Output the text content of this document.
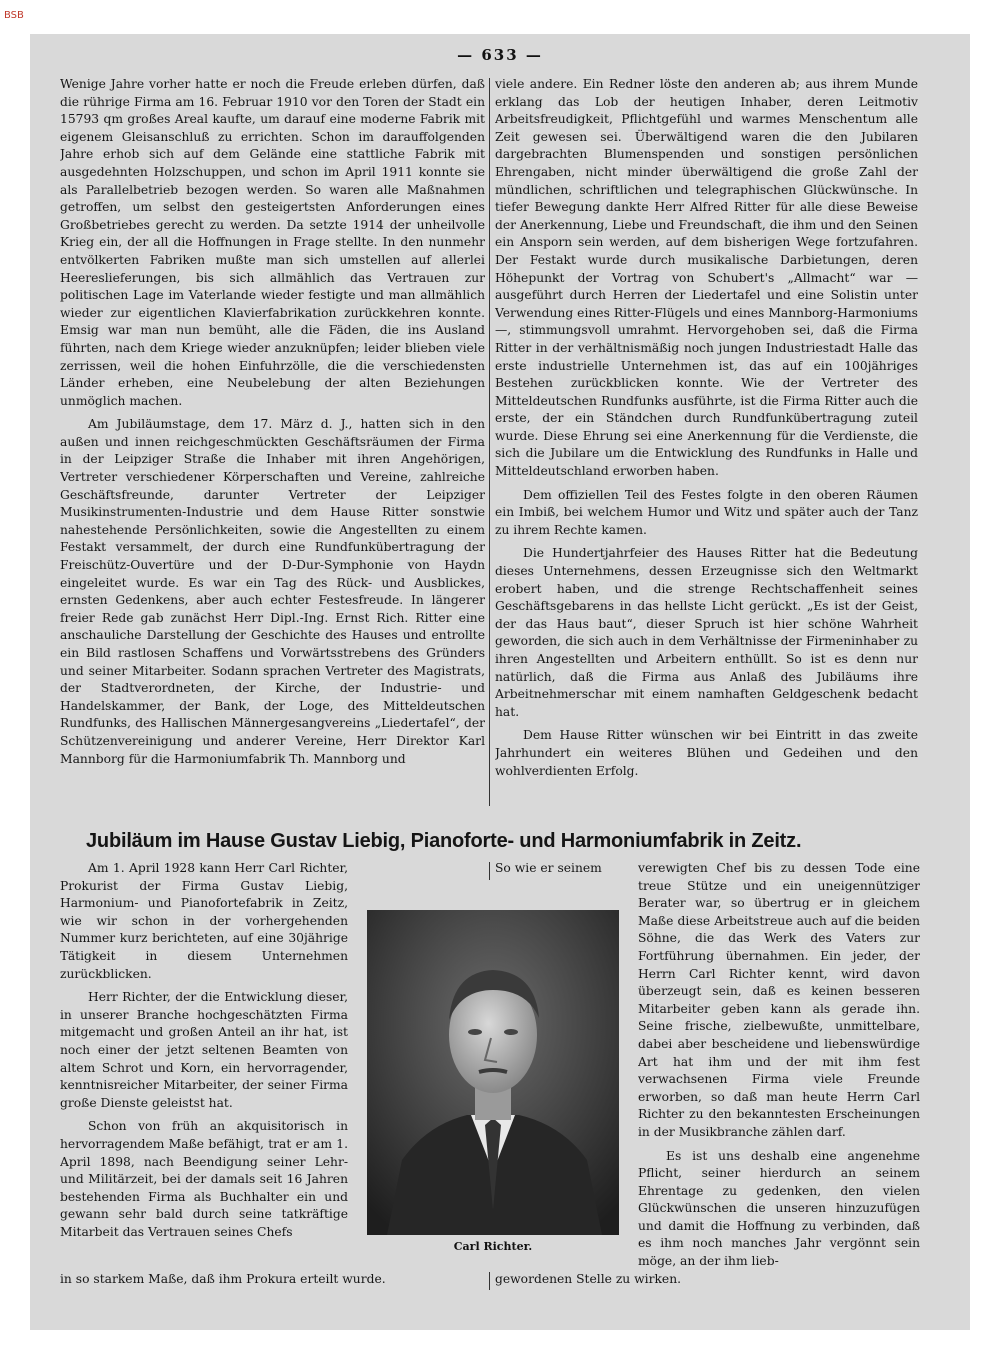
BSB
— 633 —

Wenige Jahre vorher hatte er noch die Freude erleben dürfen, daß die rührige Firma am 16. Februar 1910 vor den Toren der Stadt ein 15793 qm großes Areal kaufte, um darauf eine moderne Fabrik mit eigenem Gleisanschluß zu errichten. Schon im darauffolgenden Jahre erhob sich auf dem Gelände eine stattliche Fabrik mit ausgedehnten Holzschuppen, und schon im April 1911 konnte sie als Parallelbetrieb bezogen werden. So waren alle Maßnahmen getroffen, um selbst den gesteigertsten Anforderungen eines Großbetriebes gerecht zu werden. Da setzte 1914 der unheilvolle Krieg ein, der all die Hoffnungen in Frage stellte. In den nunmehr entvölkerten Fabriken mußte man sich umstellen auf allerlei Heereslieferungen, bis sich allmählich das Vertrauen zur politischen Lage im Vaterlande wieder festigte und man allmählich wieder zur eigentlichen Klavierfabrikation zurückkehren konnte. Emsig war man nun bemüht, alle die Fäden, die ins Ausland führten, nach dem Kriege wieder anzuknüpfen; leider blieben viele zerrissen, weil die hohen Einfuhrzölle, die die verschiedensten Länder erheben, eine Neubelebung der alten Beziehungen unmöglich machen.

Am Jubiläumstage, dem 17. März d. J., hatten sich in den außen und innen reichgeschmückten Geschäftsräumen der Firma in der Leipziger Straße die Inhaber mit ihren Angehörigen, Vertreter verschiedener Körperschaften und Vereine, zahlreiche Geschäftsfreunde, darunter Vertreter der Leipziger Musikinstrumenten-Industrie und dem Hause Ritter sonstwie nahestehende Persönlichkeiten, sowie die Angestellten zu einem Festakt versammelt, der durch eine Rundfunkübertragung der Freischütz-Ouvertüre und der D-Dur-Symphonie von Haydn eingeleitet wurde. Es war ein Tag des Rück- und Ausblickes, ernsten Gedenkens, aber auch echter Festesfreude. In längerer freier Rede gab zunächst Herr Dipl.-Ing. Ernst Rich. Ritter eine anschauliche Darstellung der Geschichte des Hauses und entrollte ein Bild rastlosen Schaffens und Vorwärtsstrebens des Gründers und seiner Mitarbeiter. Sodann sprachen Vertreter des Magistrats, der Stadtverordneten, der Kirche, der Industrie- und Handelskammer, der Bank, der Loge, des Mitteldeutschen Rundfunks, des Hallischen Männergesangvereins „Liedertafel“, der Schützenvereinigung und anderer Vereine, Herr Direktor Karl Mannborg für die Harmoniumfabrik Th. Mannborg und

viele andere. Ein Redner löste den anderen ab; aus ihrem Munde erklang das Lob der heutigen Inhaber, deren Leitmotiv Arbeitsfreudigkeit, Pflichtgefühl und warmes Menschentum alle Zeit gewesen sei. Überwältigend waren die den Jubilaren dargebrachten Blumenspenden und sonstigen persönlichen Ehrengaben, nicht minder überwältigend die große Zahl der mündlichen, schriftlichen und telegraphischen Glückwünsche. In tiefer Bewegung dankte Herr Alfred Ritter für alle diese Beweise der Anerkennung, Liebe und Freundschaft, die ihm und den Seinen ein Ansporn sein werden, auf dem bisherigen Wege fortzufahren. Der Festakt wurde durch musikalische Darbietungen, deren Höhepunkt der Vortrag von Schubert's „Allmacht“ war — ausgeführt durch Herren der Liedertafel und eine Solistin unter Verwendung eines Ritter-Flügels und eines Mannborg-Harmoniums —, stimmungsvoll umrahmt. Hervorgehoben sei, daß die Firma Ritter in der verhältnismäßig noch jungen Industriestadt Halle das erste industrielle Unternehmen ist, das auf ein 100jähriges Bestehen zurückblicken konnte. Wie der Vertreter des Mitteldeutschen Rundfunks ausführte, ist die Firma Ritter auch die erste, der ein Ständchen durch Rundfunkübertragung zuteil wurde. Diese Ehrung sei eine Anerkennung für die Verdienste, die sich die Jubilare um die Entwicklung des Rundfunks in Halle und Mitteldeutschland erworben haben.

Dem offiziellen Teil des Festes folgte in den oberen Räumen ein Imbiß, bei welchem Humor und Witz und später auch der Tanz zu ihrem Rechte kamen.

Die Hundertjahrfeier des Hauses Ritter hat die Bedeutung dieses Unternehmens, dessen Erzeugnisse sich den Weltmarkt erobert haben, und die strenge Rechtschaffenheit seines Geschäftsgebarens in das hellste Licht gerückt. „Es ist der Geist, der das Haus baut“, dieser Spruch ist hier schöne Wahrheit geworden, die sich auch in dem Verhältnisse der Firmeninhaber zu ihren Angestellten und Arbeitern enthüllt. So ist es denn nur natürlich, daß die Firma aus Anlaß des Jubiläums ihre Arbeitnehmerschar mit einem namhaften Geldgeschenk bedacht hat.

Dem Hause Ritter wünschen wir bei Eintritt in das zweite Jahrhundert ein weiteres Blühen und Gedeihen und den wohlverdienten Erfolg.

Jubiläum im Hause Gustav Liebig, Pianoforte- und Harmoniumfabrik in Zeitz.

Am 1. April 1928 kann Herr Carl Richter, Prokurist der Firma Gustav Liebig, Harmonium- und Pianofortefabrik in Zeitz, wie wir schon in der vorhergehenden Nummer kurz berichteten, auf eine 30jährige Tätigkeit in diesem Unternehmen zurückblicken.

Herr Richter, der die Entwicklung dieser, in unserer Branche hochgeschätzten Firma mitgemacht und großen Anteil an ihr hat, ist noch einer der jetzt seltenen Beamten von altem Schrot und Korn, ein hervorragender, kenntnisreicher Mitarbeiter, der seiner Firma große Dienste geleistst hat.

Schon von früh an akquisitorisch in hervorragendem Maße befähigt, trat er am 1. April 1898, nach Beendigung seiner Lehr- und Militärzeit, bei der damals seit 16 Jahren bestehenden Firma als Buchhalter ein und gewann sehr bald durch seine tatkräftige Mitarbeit das Vertrauen seines Chefs

in so starkem Maße, daß ihm Prokura erteilt wurde.

So wie er seinem	verewigten Chef bis zu dessen Tode eine treue Stütze und ein uneigennütziger Berater war, so übertrug er in gleichem Maße diese Arbeitstreue auch auf die beiden Söhne, die das Werk des Vaters zur Fortführung übernahmen. Ein jeder, der Herrn Carl Richter kennt, wird davon überzeugt sein, daß es keinen besseren Mitarbeiter geben kann als gerade ihn. Seine frische, zielbewußte, unmittelbare, dabei aber bescheidene und liebenswürdige Art hat ihm und der mit ihm fest verwachsenen Firma viele Freunde erworben, so daß man heute Herrn Carl Richter zu den bekanntesten Erscheinungen in der Musikbranche zählen darf.

Es ist uns deshalb eine angenehme Pflicht, seiner hierdurch an seinem Ehrentage zu gedenken, den vielen Glückwünschen die unseren hinzuzufügen und damit die Hoffnung zu verbinden, daß es ihm noch manches Jahr vergönnt sein möge, an der ihm lieb-

gewordenen Stelle zu wirken.

Carl Richter.
